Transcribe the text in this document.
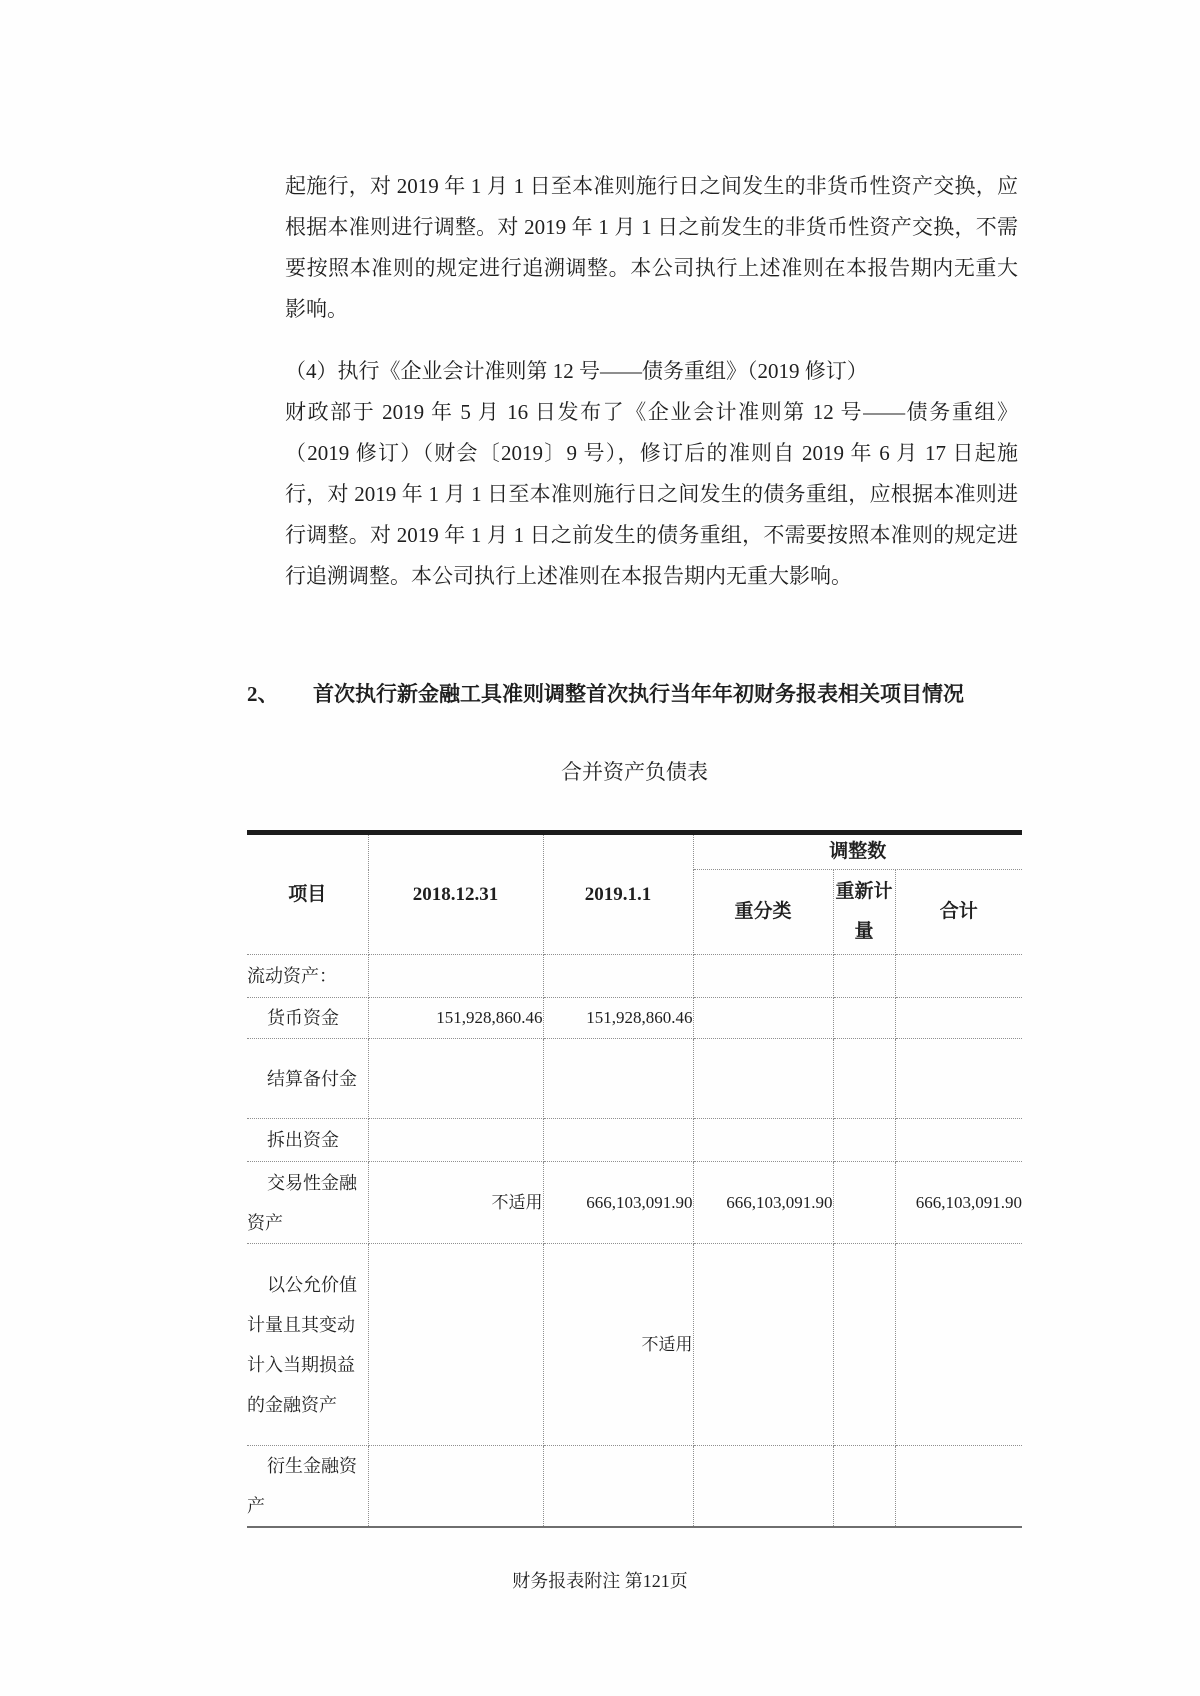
起施行，对 2019 年 1 月 1 日至本准则施行日之间发生的非货币性资产交换，应根据本准则进行调整。对 2019 年 1 月 1 日之前发生的非货币性资产交换，不需要按照本准则的规定进行追溯调整。本公司执行上述准则在本报告期内无重大影响。

（4）执行《企业会计准则第 12 号——债务重组》（2019 修订）
财政部于 2019 年 5 月 16 日发布了《企业会计准则第 12 号——债务重组》（2019 修订）（财会〔2019〕9 号），修订后的准则自 2019 年 6 月 17 日起施行，对 2019 年 1 月 1 日至本准则施行日之间发生的债务重组，应根据本准则进行调整。对 2019 年 1 月 1 日之前发生的债务重组，不需要按照本准则的规定进行追溯调整。本公司执行上述准则在本报告期内无重大影响。
2、 首次执行新金融工具准则调整首次执行当年年初财务报表相关项目情况
合并资产负债表
项目	2018.12.31	2019.1.1	调整数		
			重分类	重新计量	合计
流动资产：					
货币资金	151,928,860.46	151,928,860.46			
结算备付金					
拆出资金					
交易性金融资产	不适用	666,103,091.90	666,103,091.90		666,103,091.90
以公允价值计量且其变动计入当期损益的金融资产		不适用			
衍生金融资产					
财务报表附注 第121页
